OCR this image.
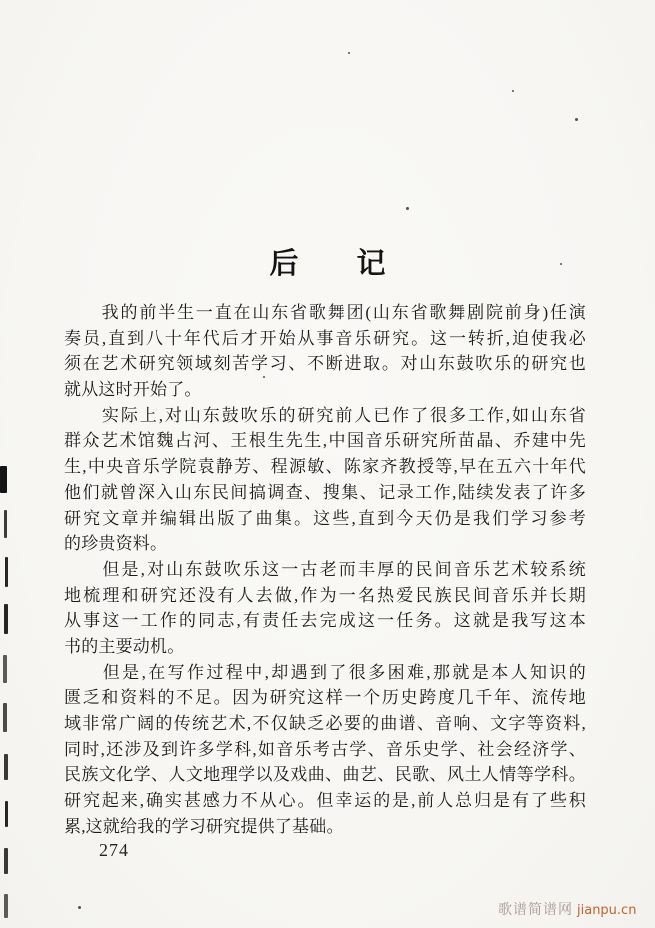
后　　记
　　我的前半生一直在山东省歌舞团(山东省歌舞剧院前身)任演
奏员,直到八十年代后才开始从事音乐研究。这一转折,迫使我必
须在艺术研究领域刻苦学习、不断进取。对山东鼓吹乐的研究也
就从这时开始了。
　　实际上,对山东鼓吹乐的研究前人已作了很多工作,如山东省
群众艺术馆魏占河、王根生先生,中国音乐研究所苗晶、乔建中先
生,中央音乐学院袁静芳、程源敏、陈家齐教授等,早在五六十年代
他们就曾深入山东民间搞调查、搜集、记录工作,陆续发表了许多
研究文章并编辑出版了曲集。这些,直到今天仍是我们学习参考
的珍贵资料。
　　但是,对山东鼓吹乐这一古老而丰厚的民间音乐艺术较系统
地梳理和研究还没有人去做,作为一名热爱民族民间音乐并长期
从事这一工作的同志,有责任去完成这一任务。这就是我写这本
书的主要动机。
　　但是,在写作过程中,却遇到了很多困难,那就是本人知识的
匮乏和资料的不足。因为研究这样一个历史跨度几千年、流传地
域非常广阔的传统艺术,不仅缺乏必要的曲谱、音响、文字等资料,
同时,还涉及到许多学科,如音乐考古学、音乐史学、社会经济学、
民族文化学、人文地理学以及戏曲、曲艺、民歌、风土人情等学科。
研究起来,确实甚感力不从心。但幸运的是,前人总归是有了些积
累,这就给我的学习研究提供了基础。
274
歌谱简谱网 jianpu.cn
